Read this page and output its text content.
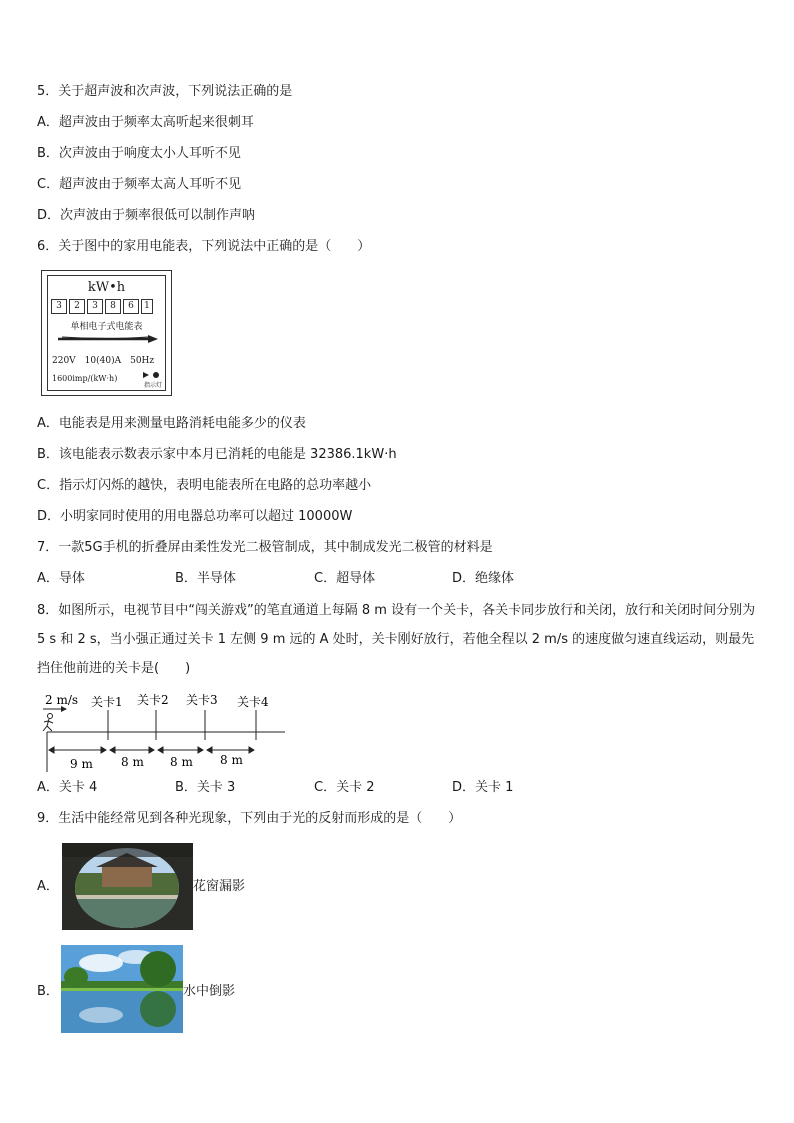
5．关于超声波和次声波，下列说法正确的是
A．超声波由于频率太高听起来很刺耳
B．次声波由于响度太小人耳听不见
C．超声波由于频率太高人耳听不见
D．次声波由于频率很低可以制作声呐
6．关于图中的家用电能表，下列说法中正确的是（　　）
kW•h
3	2	3	8	6	1
单相电子式电能表
220V　10(40)A　50Hz
1600imp/(kW·h)
指示灯
A．电能表是用来测量电路消耗电能多少的仪表
B．该电能表示数表示家中本月已消耗的电能是 32386.1kW·h
C．指示灯闪烁的越快，表明电能表所在电路的总功率越小
D．小明家同时使用的用电器总功率可以超过 10000W
7．一款5G手机的折叠屏由柔性发光二极管制成，其中制成发光二极管的材料是
A．导体	B．半导体	C．超导体	D．绝缘体
8．如图所示，电视节目中“闯关游戏”的笔直通道上每隔 8 m 设有一个关卡，各关卡同步放行和关闭，放行和关闭时间分别为 5 s 和 2 s，当小强正通过关卡 1 左侧 9 m 远的 A 处时，关卡刚好放行，若他全程以 2 m/s 的速度做匀速直线运动，则最先挡住他前进的关卡是(　　)
2 m/s 关卡1 关卡2 关卡3 关卡4
9 m 8 m 8 m 8 m
A．关卡 4	B．关卡 3	C．关卡 2	D．关卡 1
9．生活中能经常见到各种光现象，下列由于光的反射而形成的是（　　）
A．	花窗漏影
B．	水中倒影
